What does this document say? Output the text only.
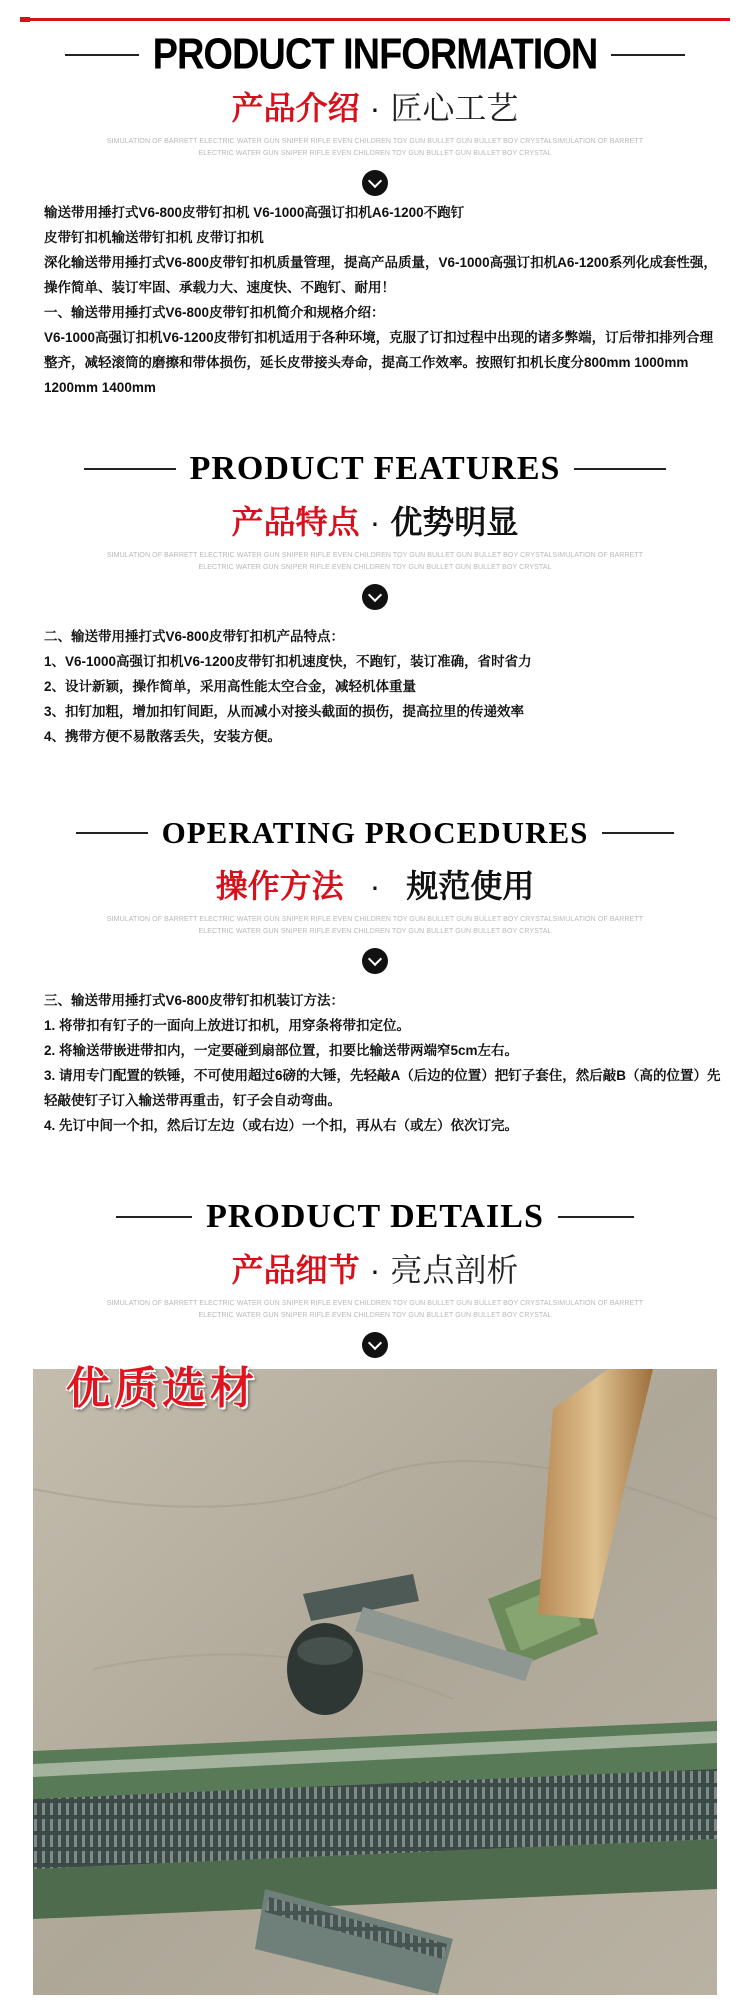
PRODUCT INFORMATION
产品介绍 · 匠心工艺
SIMULATION OF BARRETT ELECTRIC WATER GUN SNIPER RIFLE EVEN CHILDREN TOY GUN BULLET GUN BULLET BOY CRYSTALSIMULATION OF BARRETT ELECTRIC WATER GUN SNIPER RIFLE EVEN CHILDREN TOY GUN BULLET GUN BULLET BOY CRYSTAL

输送带用捶打式V6-800皮带钉扣机 V6-1000高强订扣机A6-1200不跑钉

皮带钉扣机输送带钉扣机 皮带订扣机

深化输送带用捶打式V6-800皮带钉扣机质量管理，提高产品质量，V6-1000高强订扣机A6-1200系列化成套性强，操作简单、装订牢固、承载力大、速度快、不跑钉、耐用！

一、输送带用捶打式V6-800皮带钉扣机简介和规格介绍：

V6-1000高强订扣机V6-1200皮带钉扣机适用于各种环境，克服了订扣过程中出现的诸多弊端，订后带扣排列合理整齐，减轻滚筒的磨擦和带体损伤，延长皮带接头寿命，提高工作效率。按照钉扣机长度分800mm 1000mm 1200mm 1400mm

PRODUCT FEATURES
产品特点 · 优势明显
SIMULATION OF BARRETT ELECTRIC WATER GUN SNIPER RIFLE EVEN CHILDREN TOY GUN BULLET GUN BULLET BOY CRYSTALSIMULATION OF BARRETT ELECTRIC WATER GUN SNIPER RIFLE EVEN CHILDREN TOY GUN BULLET GUN BULLET BOY CRYSTAL

二、输送带用捶打式V6-800皮带钉扣机产品特点：

1、V6-1000高强订扣机V6-1200皮带钉扣机速度快，不跑钉，装订准确，省时省力

2、设计新颖，操作简单，采用高性能太空合金，减轻机体重量

3、扣钉加粗，增加扣钉间距，从而减小对接头截面的损伤，提高拉里的传递效率

4、携带方便不易散落丢失，安装方便。

OPERATING PROCEDURES
操作方法 · 规范使用
SIMULATION OF BARRETT ELECTRIC WATER GUN SNIPER RIFLE EVEN CHILDREN TOY GUN BULLET GUN BULLET BOY CRYSTALSIMULATION OF BARRETT ELECTRIC WATER GUN SNIPER RIFLE EVEN CHILDREN TOY GUN BULLET GUN BULLET BOY CRYSTAL

三、输送带用捶打式V6-800皮带钉扣机装订方法：

1. 将带扣有钉子的一面向上放进订扣机，用穿条将带扣定位。

2. 将输送带嵌进带扣内，一定要碰到扇部位置，扣要比输送带两端窄5cm左右。

3. 请用专门配置的铁锤，不可使用超过6磅的大锤，先轻敲A（后边的位置）把钉子套住，然后敲B（高的位置）先轻敲使钉子订入输送带再重击，钉子会自动弯曲。

4. 先订中间一个扣，然后订左边（或右边）一个扣，再从右（或左）依次订完。

PRODUCT DETAILS
产品细节 · 亮点剖析
SIMULATION OF BARRETT ELECTRIC WATER GUN SNIPER RIFLE EVEN CHILDREN TOY GUN BULLET GUN BULLET BOY CRYSTALSIMULATION OF BARRETT ELECTRIC WATER GUN SNIPER RIFLE EVEN CHILDREN TOY GUN BULLET GUN BULLET BOY CRYSTAL
优质选材
